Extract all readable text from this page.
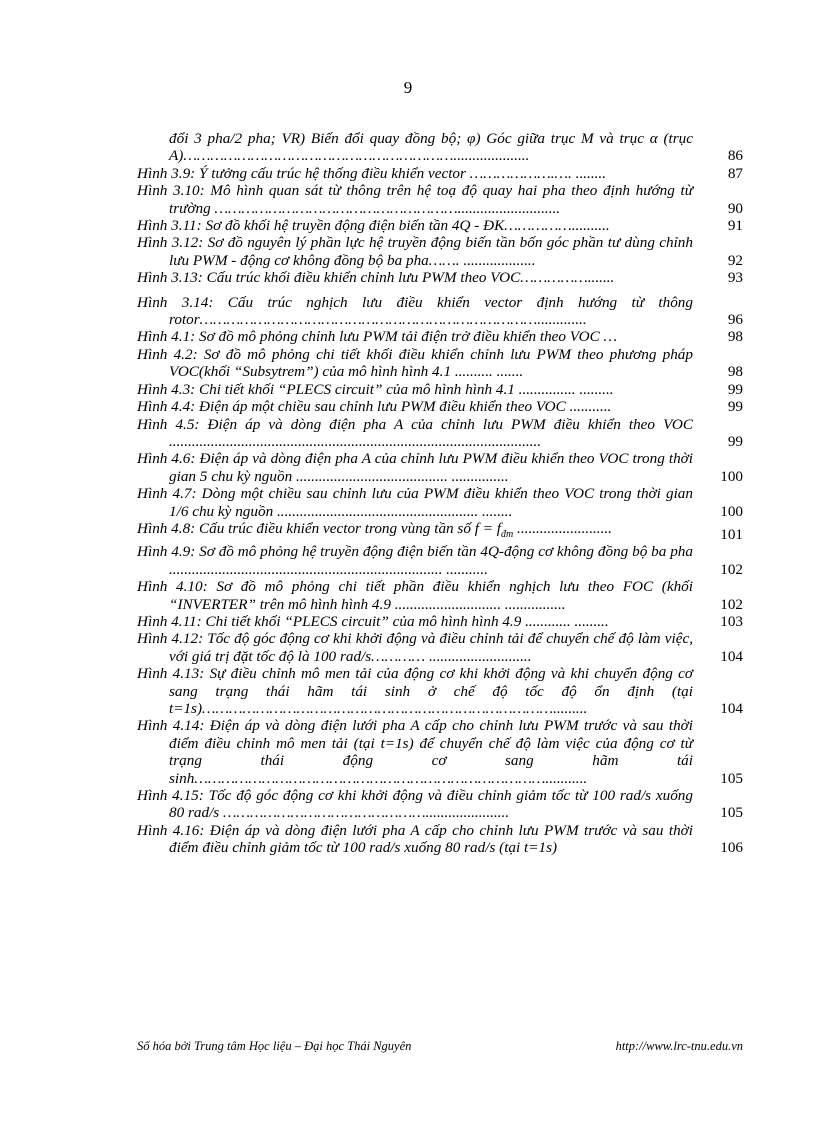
9
đổi 3 pha/2 pha; VR) Biến đổi quay đồng bộ; φ) Góc giữa trục M và trục α (trục A)……………………………………………………....................	86
Hình 3.9: Ý tưởng cấu trúc hệ thống điều khiển vector ……………….…. ........	87
Hình 3.10: Mô hình quan sát từ thông trên hệ toạ độ quay hai pha theo định hướng từ trường ………………………………………………...........................	90
Hình 3.11: Sơ đồ khối hệ truyền động điện biến tần 4Q - ĐK……………..........	91
Hình 3.12: Sơ đồ nguyên lý phần lực hệ truyền động biến tần bốn góc phần tư dùng chỉnh lưu PWM - động cơ không đồng bộ ba pha……. ...................	92
Hình 3.13: Cấu trúc khối điều khiển chỉnh lưu PWM theo VOC…………….......	93
Hình 3.14: Cấu trúc nghịch lưu điều khiển vector định hướng từ thông rotor………………………………………………………………….............	96
Hình 4.1: Sơ đồ mô phỏng chỉnh lưu PWM tải điện trở điều khiển theo VOC …	98
Hình 4.2: Sơ đồ mô phỏng chi tiết khối điều khiển chỉnh lưu PWM theo phương pháp VOC(khối “Subsytrem”) của mô hình hình 4.1 .......... .......	98
Hình 4.3: Chi tiết khối “PLECS circuit” của mô hình hình 4.1 ............... .........	99
Hình 4.4: Điện áp một chiều sau chỉnh lưu PWM điều khiển theo VOC ...........	99
Hình 4.5: Điện áp và dòng điện pha A của chỉnh lưu PWM điều khiển theo VOC ..................................................................................................	99
Hình 4.6: Điện áp và dòng điện pha A của chỉnh lưu PWM điều khiển theo VOC trong thời gian 5 chu kỳ nguồn ........................................ ...............	100
Hình 4.7: Dòng một chiều sau chỉnh lưu của PWM điều khiển theo VOC trong thời gian 1/6 chu kỳ nguồn ..................................................... ........	100
Hình 4.8: Cấu trúc điều khiển vector trong vùng tần số $f = f_{đm}$ .........................	101
Hình 4.9: Sơ đồ mô phỏng hệ truyền động điện biến tần 4Q-động cơ không đồng bộ ba pha ........................................................................ ...........	102
Hình 4.10: Sơ đồ mô phỏng chi tiết phần điều khiển nghịch lưu theo FOC (khối “INVERTER” trên mô hình hình 4.9 ............................ ................	102
Hình 4.11: Chi tiết khối “PLECS circuit” của mô hình hình 4.9 ............ .........	103
Hình 4.12: Tốc độ góc động cơ khi khởi động và điều chỉnh tải để chuyển chế độ làm việc, với giá trị đặt tốc độ là 100 rad/s………… ...........................	104
Hình 4.13: Sự điều chỉnh mô men tải của động cơ khi khởi động và khi chuyển động cơ sang trạng thái hãm tái sinh ở chế độ tốc độ ổn định (tại t=1s)…………………………………………………………………….........	104
Hình 4.14: Điện áp và dòng điện lưới pha A cấp cho chỉnh lưu PWM trước và sau thời điểm điều chỉnh mô men tải (tại t=1s) để chuyển chế độ làm việc của động cơ từ trạng thái động cơ sang hãm tái sinh……………………………………………………………………...........	105
Hình 4.15: Tốc độ góc động cơ khi khởi động và điều chỉnh giảm tốc từ 100 rad/s xuống 80 rad/s ………………………………………......................	105
Hình 4.16: Điện áp và dòng điện lưới pha A cấp cho chỉnh lưu PWM trước và sau thời điểm điều chỉnh giảm tốc từ 100 rad/s xuống 80 rad/s (tại t=1s)	106
Số hóa bởi Trung tâm Học liệu – Đại học Thái Nguyên	http://www.lrc-tnu.edu.vn
